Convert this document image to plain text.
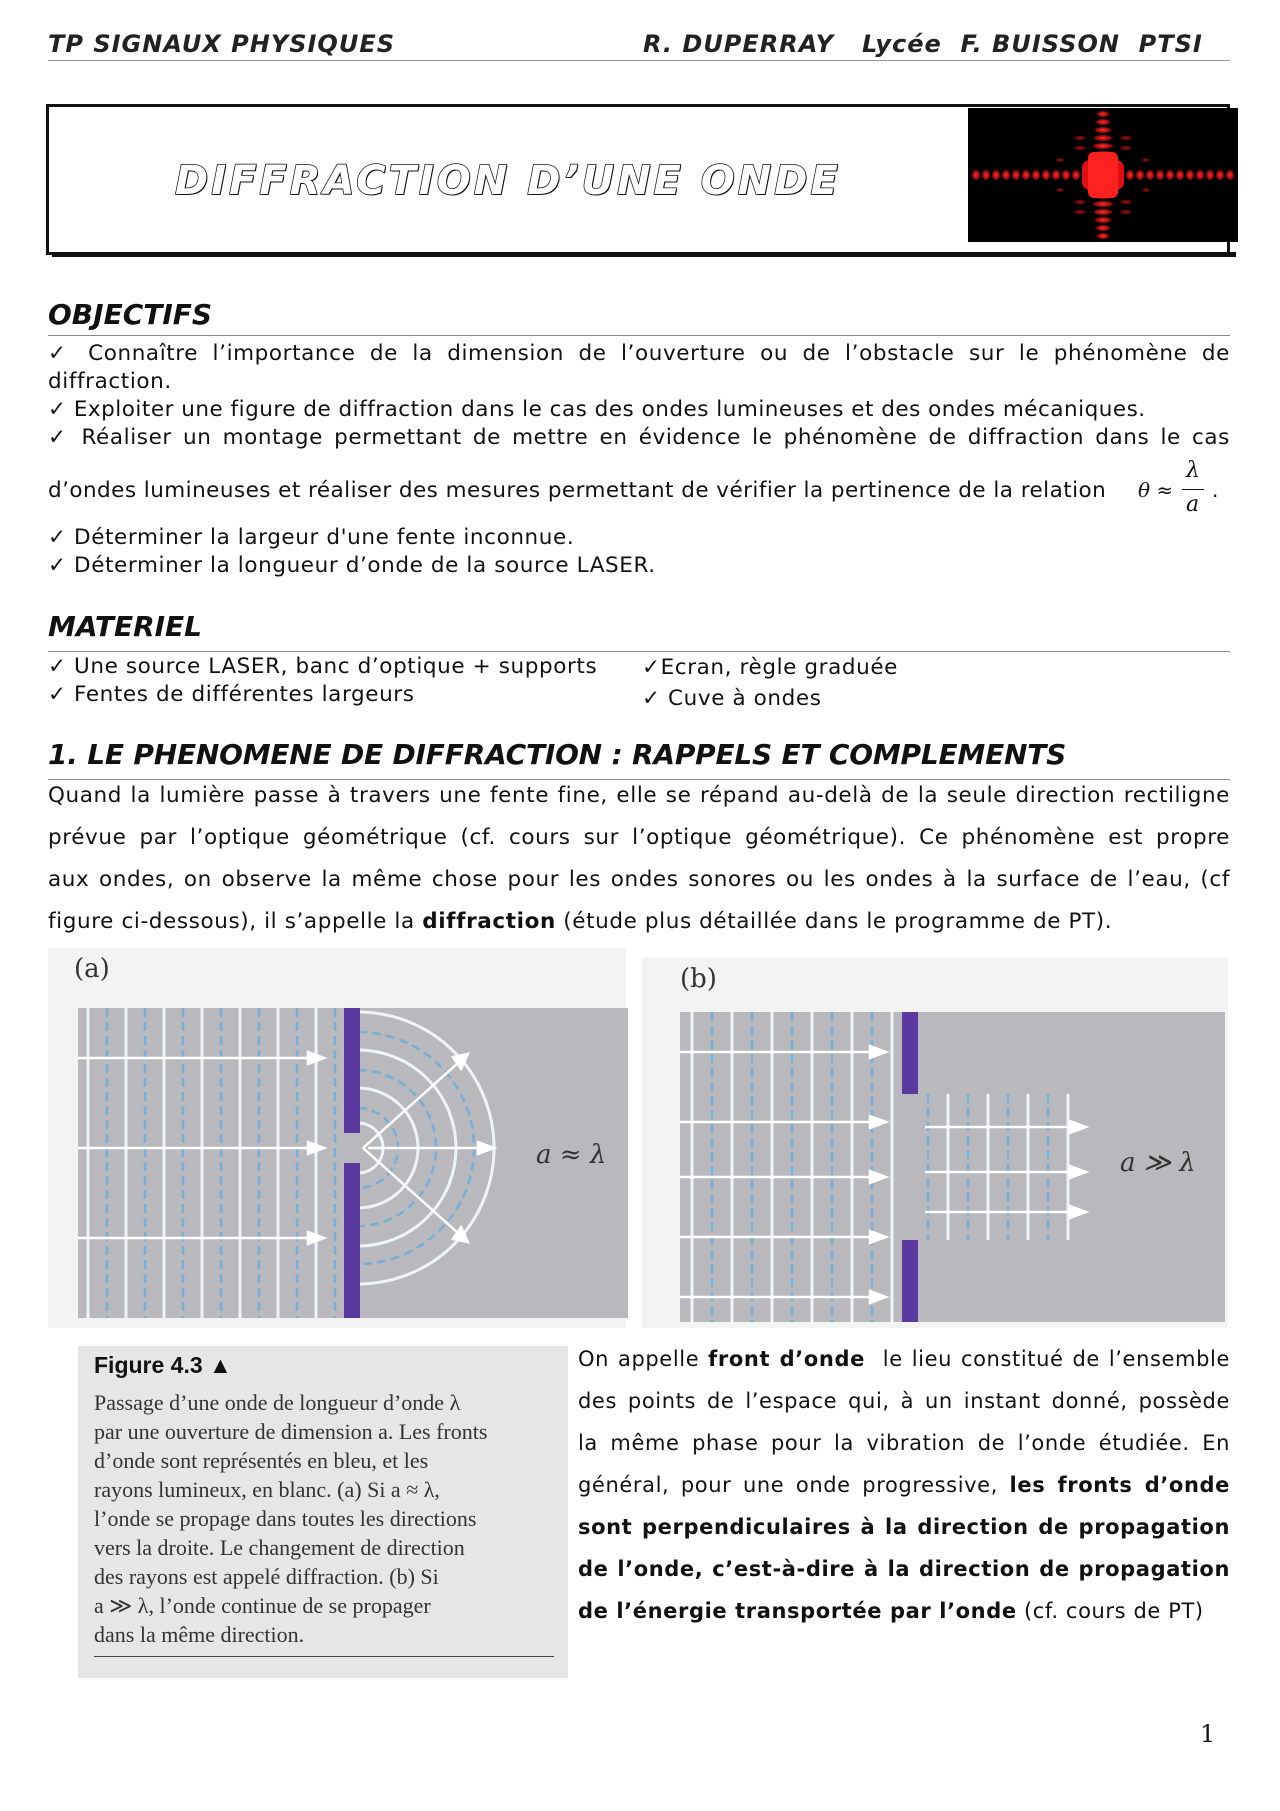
TP SIGNAUX PHYSIQUES	R. DUPERRAY   Lycée  F. BUISSON  PTSI
DIFFRACTION D’UNE ONDE
OBJECTIFS
✓ Connaître l’importance de la dimension de l’ouverture ou de l’obstacle sur le phénomène de
diffraction.
✓ Exploiter une figure de diffraction dans le cas des ondes lumineuses et des ondes mécaniques.
✓ Réaliser un montage permettant de mettre en évidence le phénomène de diffraction dans le cas
d’ondes lumineuses et réaliser des mesures permettant de vérifier la pertinence de la relation θ ≈
λ
a
.
✓ Déterminer la largeur d'une fente inconnue.
✓ Déterminer la longueur d’onde de la source LASER.
MATERIEL
✓ Une source LASER, banc d’optique + supports
✓ Fentes de différentes largeurs
✓Ecran, règle graduée
✓ Cuve à ondes
1. LE PHENOMENE DE DIFFRACTION : RAPPELS ET COMPLEMENTS
Quand la lumière passe à travers une fente fine, elle se répand au-delà de la seule direction rectiligne
prévue par l’optique géométrique (cf. cours sur l’optique géométrique). Ce phénomène est propre
aux ondes, on observe la même chose pour les ondes sonores ou les ondes à la surface de l’eau, (cf
figure ci-dessous), il s’appelle la diffraction (étude plus détaillée dans le programme de PT).
(a)
a ≈ λ
(b)
a ≫ λ
Figure 4.3 ▲
Passage d’une onde de longueur d’onde λ
par une ouverture de dimension a. Les fronts
d’onde sont représentés en bleu, et les
rayons lumineux, en blanc. (a) Si a ≈ λ,
l’onde se propage dans toutes les directions
vers la droite. Le changement de direction
des rayons est appelé diffraction. (b) Si
a ≫ λ, l’onde continue de se propager
dans la même direction.
On appelle front d’onde  le lieu constitué de l’ensemble
des points de l’espace qui, à un instant donné, possède
la même phase pour la vibration de l’onde étudiée. En
général, pour une onde progressive, les fronts d’onde
sont perpendiculaires à la direction de propagation
de l’onde, c’est-à-dire à la direction de propagation
de l’énergie transportée par l’onde (cf. cours de PT)
1
